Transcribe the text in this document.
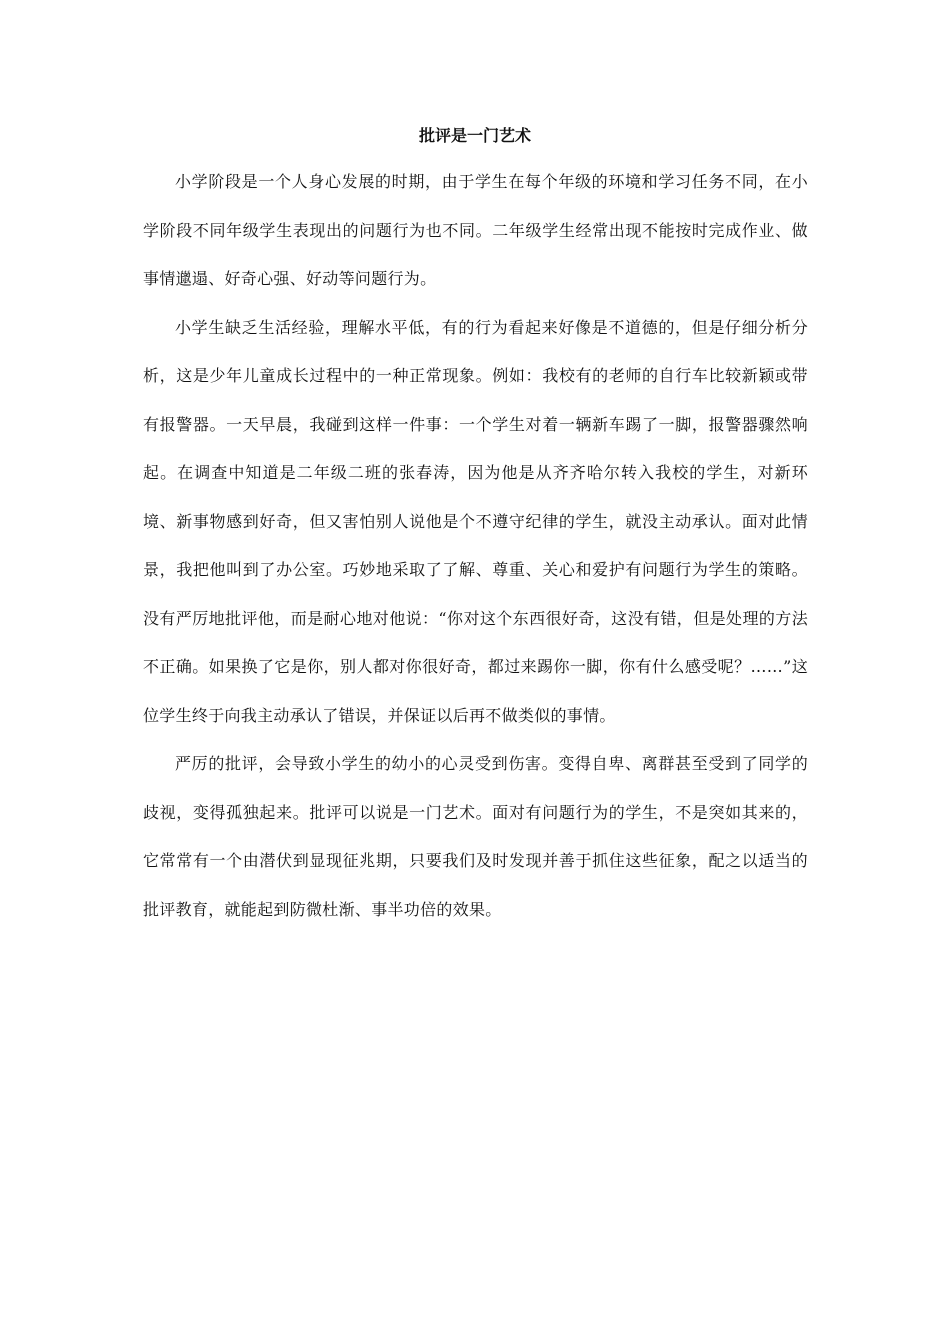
批评是一门艺术

小学阶段是一个人身心发展的时期，由于学生在每个年级的环境和学习任务不同，在小学阶段不同年级学生表现出的问题行为也不同。二年级学生经常出现不能按时完成作业、做事情邋遢、好奇心强、好动等问题行为。

小学生缺乏生活经验，理解水平低，有的行为看起来好像是不道德的，但是仔细分析分析，这是少年儿童成长过程中的一种正常现象。例如：我校有的老师的自行车比较新颖或带有报警器。一天早晨，我碰到这样一件事：一个学生对着一辆新车踢了一脚，报警器骤然响起。在调查中知道是二年级二班的张春涛，因为他是从齐齐哈尔转入我校的学生，对新环境、新事物感到好奇，但又害怕别人说他是个不遵守纪律的学生，就没主动承认。面对此情景，我把他叫到了办公室。巧妙地采取了了解、尊重、关心和爱护有问题行为学生的策略。没有严厉地批评他，而是耐心地对他说：“你对这个东西很好奇，这没有错，但是处理的方法不正确。如果换了它是你，别人都对你很好奇，都过来踢你一脚，你有什么感受呢？……”这位学生终于向我主动承认了错误，并保证以后再不做类似的事情。

严厉的批评，会导致小学生的幼小的心灵受到伤害。变得自卑、离群甚至受到了同学的歧视，变得孤独起来。批评可以说是一门艺术。面对有问题行为的学生，不是突如其来的，它常常有一个由潜伏到显现征兆期，只要我们及时发现并善于抓住这些征象，配之以适当的批评教育，就能起到防微杜渐、事半功倍的效果。
